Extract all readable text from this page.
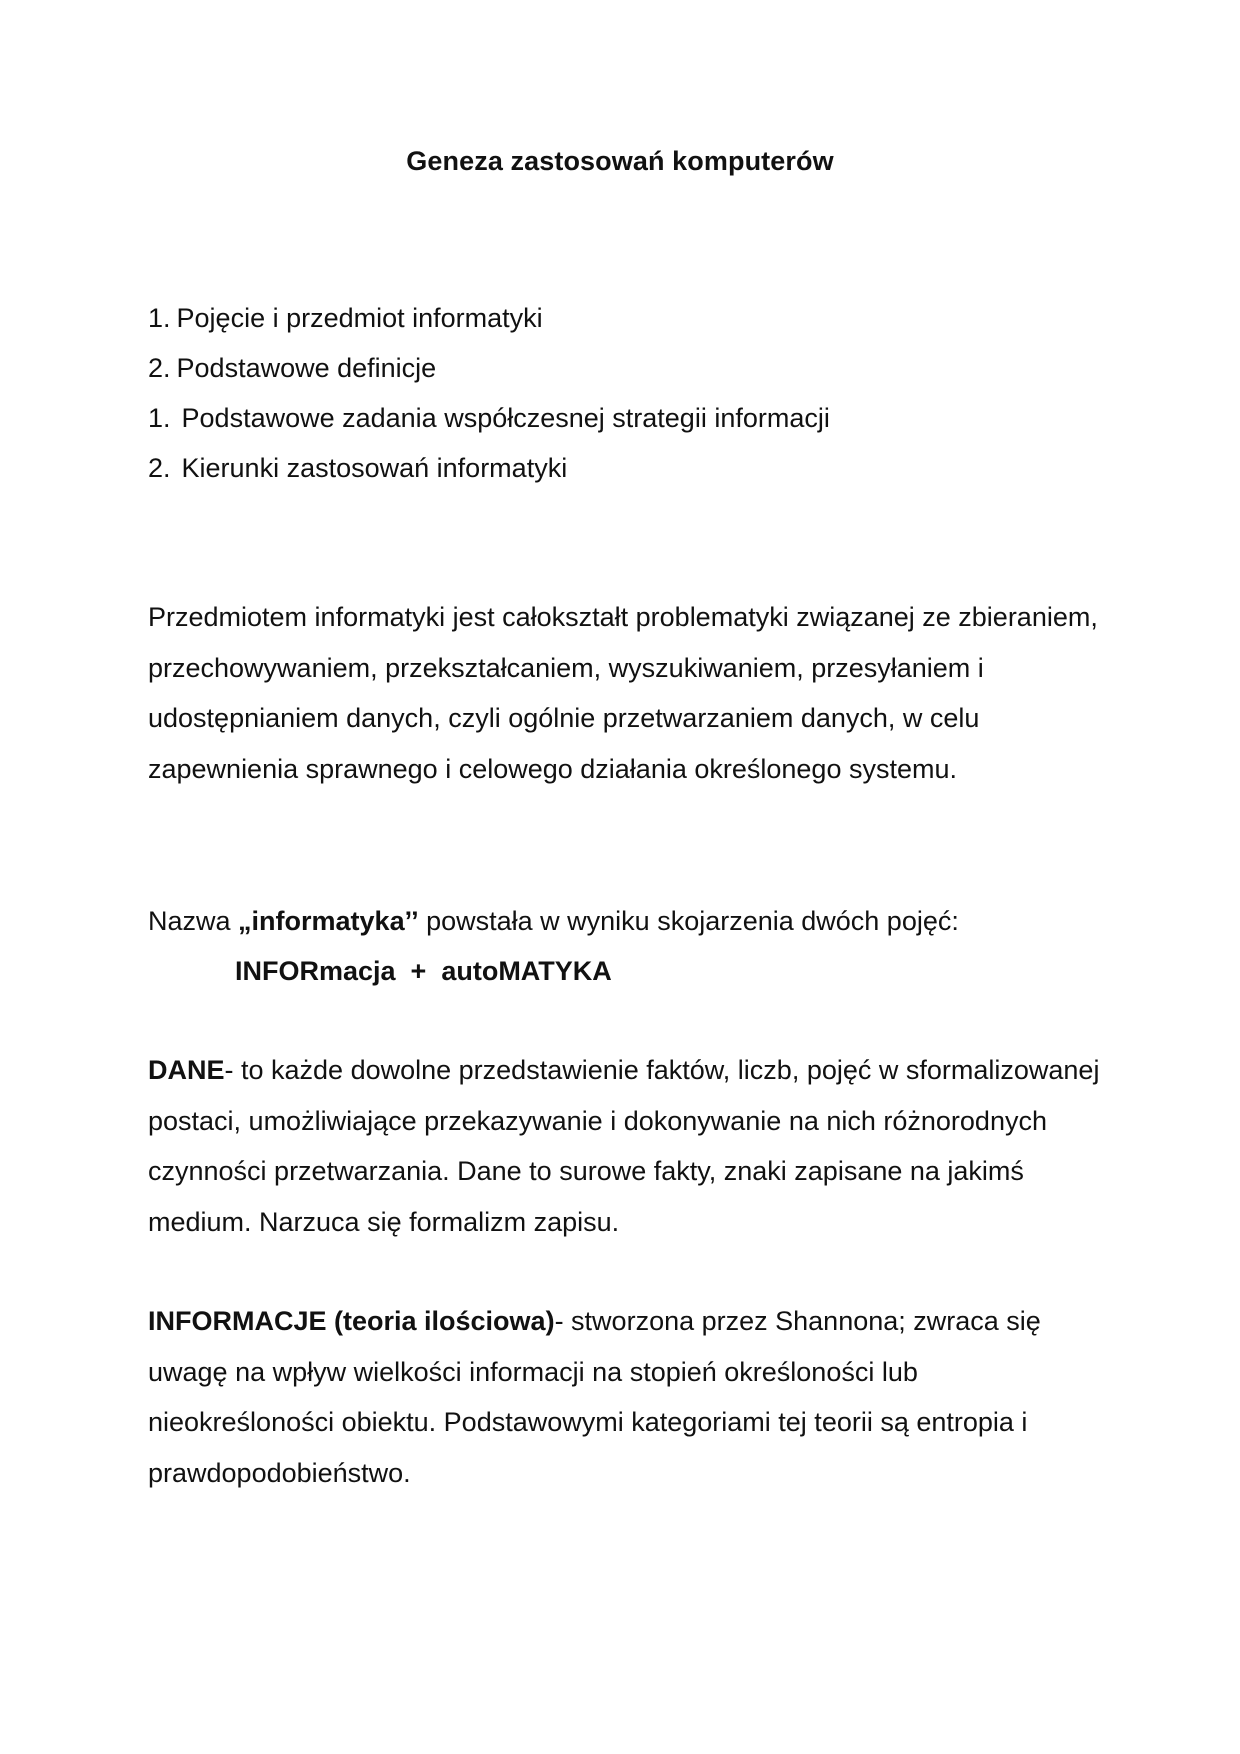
Geneza zastosowań komputerów
1. Pojęcie i przedmiot informatyki
2. Podstawowe definicje
1. Podstawowe zadania współczesnej strategii informacji
2. Kierunki zastosowań informatyki
Przedmiotem informatyki jest całokształt problematyki związanej ze zbieraniem, przechowywaniem, przekształcaniem, wyszukiwaniem, przesyłaniem i udostępnianiem danych, czyli ogólnie przetwarzaniem danych, w celu zapewnienia sprawnego i celowego działania określonego systemu.
Nazwa „informatyka’’ powstała w wyniku skojarzenia dwóch pojęć:
INFORmacja  +  autoMATYKA
DANE- to każde dowolne przedstawienie faktów, liczb, pojęć w sformalizowanej postaci, umożliwiające przekazywanie i dokonywanie na nich różnorodnych czynności przetwarzania. Dane to surowe fakty, znaki zapisane na jakimś medium. Narzuca się formalizm zapisu.
INFORMACJE (teoria ilościowa)- stworzona przez Shannona; zwraca się uwagę na wpływ wielkości informacji na stopień określoności lub nieokreśloności obiektu. Podstawowymi kategoriami tej teorii są entropia i prawdopodobieństwo.
